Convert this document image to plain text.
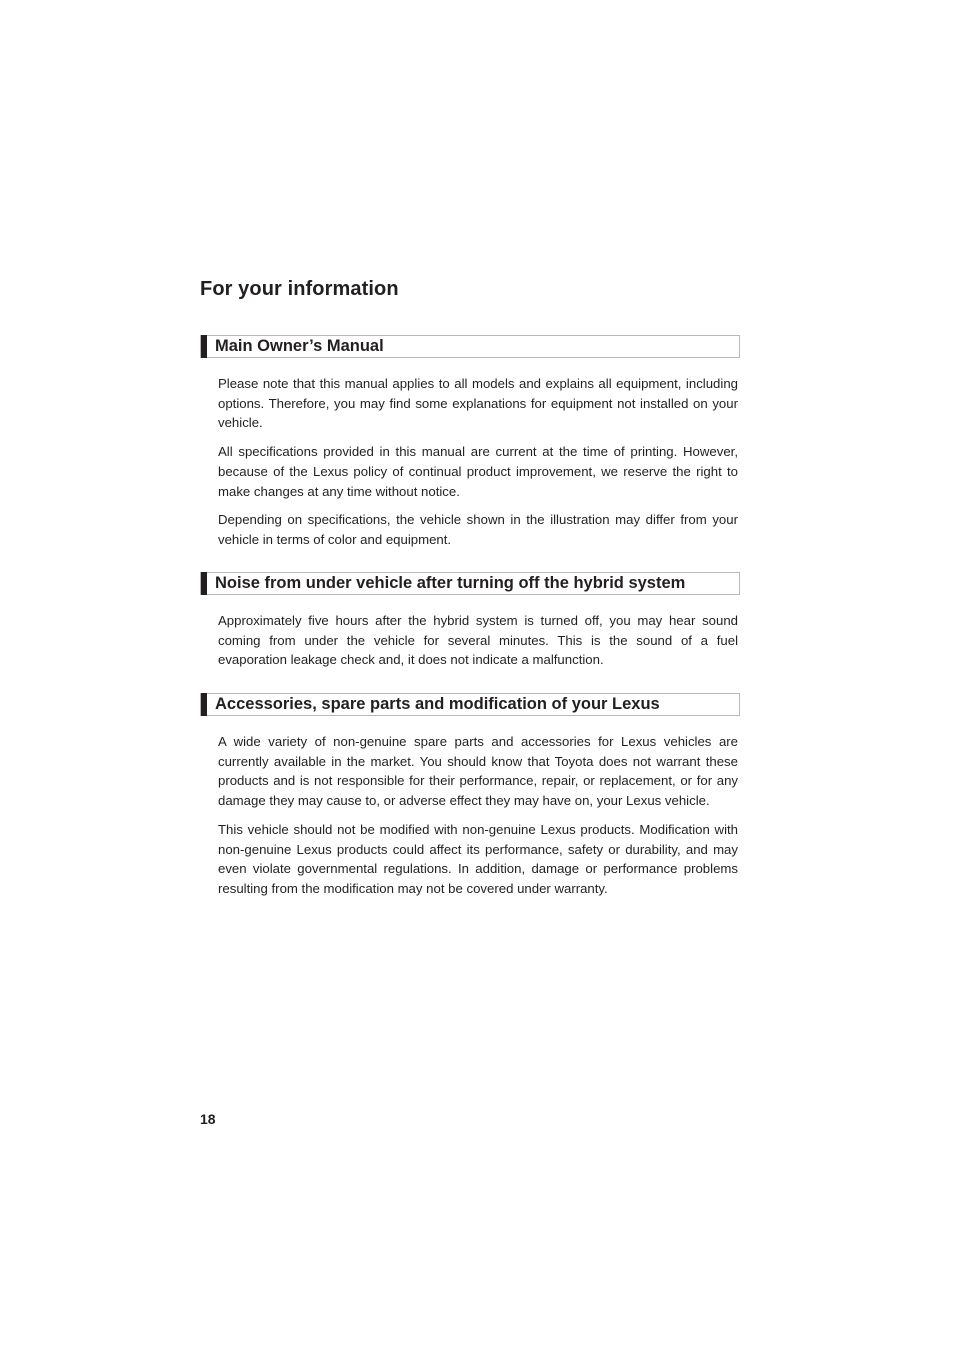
For your information
Main Owner’s Manual

Please note that this manual applies to all models and explains all equipment, including options. Therefore, you may find some explanations for equipment not installed on your vehicle.

All specifications provided in this manual are current at the time of printing. However, because of the Lexus policy of continual product improvement, we reserve the right to make changes at any time without notice.

Depending on specifications, the vehicle shown in the illustration may differ from your vehicle in terms of color and equipment.

Noise from under vehicle after turning off the hybrid system

Approximately five hours after the hybrid system is turned off, you may hear sound coming from under the vehicle for several minutes. This is the sound of a fuel evaporation leakage check and, it does not indicate a malfunction.

Accessories, spare parts and modification of your Lexus

A wide variety of non-genuine spare parts and accessories for Lexus vehicles are currently available in the market. You should know that Toyota does not warrant these products and is not responsible for their performance, repair, or replacement, or for any damage they may cause to, or adverse effect they may have on, your Lexus vehicle.

This vehicle should not be modified with non-genuine Lexus products. Modification with non-genuine Lexus products could affect its performance, safety or durability, and may even violate governmental regulations. In addition, damage or performance problems resulting from the modification may not be covered under warranty.

18
